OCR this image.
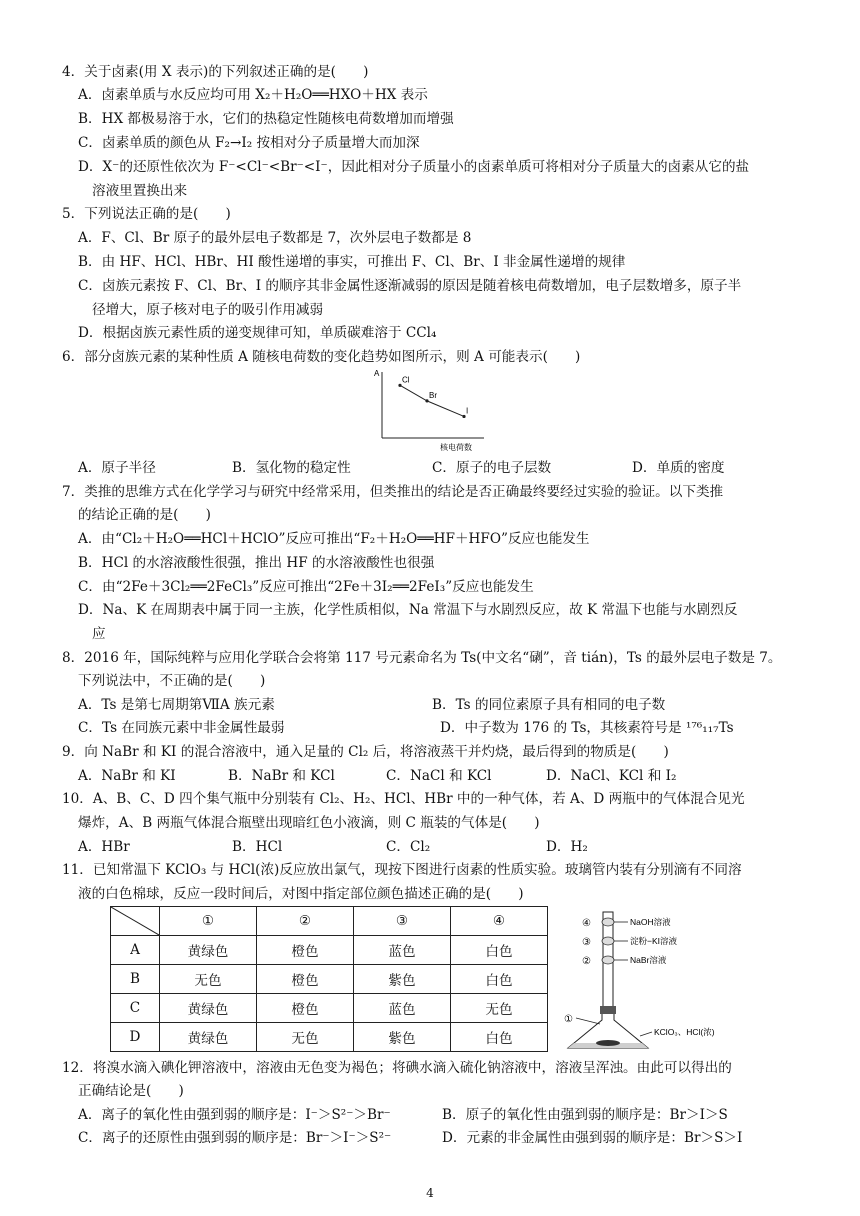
4．关于卤素(用 X 表示)的下列叙述正确的是(　　)
A．卤素单质与水反应均可用 X₂＋H₂O══HXO＋HX 表示
B．HX 都极易溶于水，它们的热稳定性随核电荷数增加而增强
C．卤素单质的颜色从 F₂→I₂ 按相对分子质量增大而加深
D．X⁻的还原性依次为 F⁻<Cl⁻<Br⁻<I⁻，因此相对分子质量小的卤素单质可将相对分子质量大的卤素从它的盐
溶液里置换出来
5．下列说法正确的是(　　)
A．F、Cl、Br 原子的最外层电子数都是 7，次外层电子数都是 8
B．由 HF、HCl、HBr、HI 酸性递增的事实，可推出 F、Cl、Br、I 非金属性递增的规律
C．卤族元素按 F、Cl、Br、I 的顺序其非金属性逐渐减弱的原因是随着核电荷数增加，电子层数增多，原子半
径增大，原子核对电子的吸引作用减弱
D．根据卤族元素性质的递变规律可知，单质碳难溶于 CCl₄
6．部分卤族元素的某种性质 A 随核电荷数的变化趋势如图所示，则 A 可能表示(　　)
A
核电荷数
Cl
Br
I
A．原子半径	B．氢化物的稳定性	C．原子的电子层数	D．单质的密度
7．类推的思维方式在化学学习与研究中经常采用，但类推出的结论是否正确最终要经过实验的验证。以下类推
的结论正确的是(　　)
A．由“Cl₂＋H₂O══HCl＋HClO”反应可推出“F₂＋H₂O══HF＋HFO”反应也能发生
B．HCl 的水溶液酸性很强，推出 HF 的水溶液酸性也很强
C．由“2Fe＋3Cl₂══2FeCl₃”反应可推出“2Fe＋3I₂══2FeI₃”反应也能发生
D．Na、K 在周期表中属于同一主族，化学性质相似，Na 常温下与水剧烈反应，故 K 常温下也能与水剧烈反
应
8．2016 年，国际纯粹与应用化学联合会将第 117 号元素命名为 Ts(中文名“䃗”，音 tián)，Ts 的最外层电子数是 7。
下列说法中，不正确的是(　　)
A．Ts 是第七周期第ⅦA 族元素	B．Ts 的同位素原子具有相同的电子数
C．Ts 在同族元素中非金属性最弱	D．中子数为 176 的 Ts，其核素符号是 ¹⁷⁶₁₁₇Ts
9．向 NaBr 和 KI 的混合溶液中，通入足量的 Cl₂ 后，将溶液蒸干并灼烧，最后得到的物质是(　　)
A．NaBr 和 KI	B．NaBr 和 KCl	C．NaCl 和 KCl	D．NaCl、KCl 和 I₂
10．A、B、C、D 四个集气瓶中分别装有 Cl₂、H₂、HCl、HBr 中的一种气体，若 A、D 两瓶中的气体混合见光
爆炸，A、B 两瓶气体混合瓶壁出现暗红色小液滴，则 C 瓶装的气体是(　　)
A．HBr	B．HCl	C．Cl₂	D．H₂
11．已知常温下 KClO₃ 与 HCl(浓)反应放出氯气，现按下图进行卤素的性质实验。玻璃管内装有分别滴有不同溶
液的白色棉球，反应一段时间后，对图中指定部位颜色描述正确的是(　　)
	①	②	③	④
A	黄绿色	橙色	蓝色	白色
B	无色	橙色	紫色	白色
C	黄绿色	橙色	蓝色	无色
D	黄绿色	无色	紫色	白色
④
③
②
NaOH溶液
淀粉−KI溶液
NaBr溶液
①
KClO₃、HCl(浓)
12．将溴水滴入碘化钾溶液中，溶液由无色变为褐色；将碘水滴入硫化钠溶液中，溶液呈浑浊。由此可以得出的
正确结论是(　　)
A．离子的氧化性由强到弱的顺序是：I⁻＞S²⁻＞Br⁻	B．原子的氧化性由强到弱的顺序是：Br＞I＞S
C．离子的还原性由强到弱的顺序是：Br⁻＞I⁻＞S²⁻	D．元素的非金属性由强到弱的顺序是：Br＞S＞I
4
